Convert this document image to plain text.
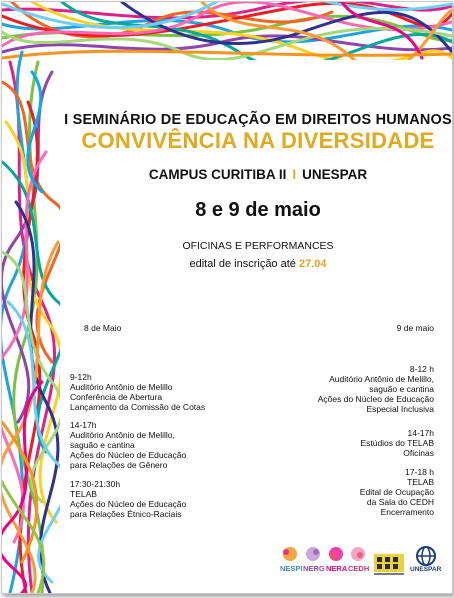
I SEMINÁRIO DE EDUCAÇÃO EM DIREITOS HUMANOS
CONVIVÊNCIA NA DIVERSIDADE
CAMPUS CURITIBA II I UNESPAR
8 e 9 de maio
OFICINAS E PERFORMANCES
edital de inscrição até 27.04
8 de Maio	9 de maio
9-12h
Auditório Antônio de Melillo
Conferência de Abertura
Lançamento da Comissão de Cotas
14-17h
Auditório Antônio de Melillo,
saguão e cantina
Ações do Núcleo de Educação
para Relações de Gênero
17:30-21:30h
TELAB
Ações do Núcleo de Educação
para Relações Étnico-Raciais
8-12 h
Auditório Antônio de Melillo,
saguão e cantina
Ações do Núcleo de Educação
Especial Inclusiva
14-17h
Estúdios do TELAB
Oficinas
17-18 h
TELAB
Edital de Ocupação
da Sala do CEDH
Encerramento
NESPI NERG NERA CEDH	UNESPAR
